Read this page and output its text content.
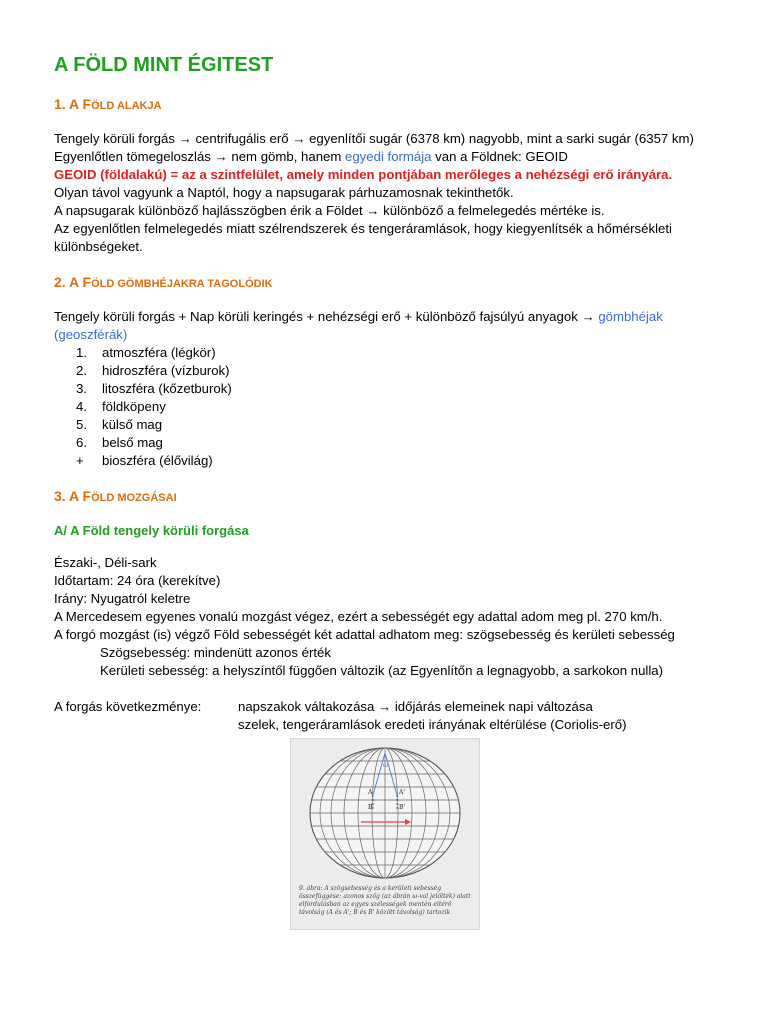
A FÖLD MINT ÉGITEST
1. A FÖLD ALAKJA

Tengely körüli forgás → centrifugális erő → egyenlítői sugár (6378 km) nagyobb, mint a sarki sugár (6357 km)

Egyenlőtlen tömegeloszlás → nem gömb, hanem egyedi formája van a Földnek: GEOID

GEOID (földalakú) = az a szintfelület, amely minden pontjában merőleges a nehézségi erő irányára.

Olyan távol vagyunk a Naptól, hogy a napsugarak párhuzamosnak tekinthetők.

A napsugarak különböző hajlásszögben érik a Földet → különböző a felmelegedés mértéke is.

Az egyenlőtlen felmelegedés miatt szélrendszerek és tengeráramlások, hogy kiegyenlítsék a hőmérsékleti különbségeket.

2. A FÖLD GÖMBHÉJAKRA TAGOLÓDIK

Tengely körüli forgás + Nap körüli keringés + nehézségi erő + különböző fajsúlyú anyagok → gömbhéjak (geoszférák)

1.	atmoszféra (légkör)
2.	hidroszféra (vízburok)
3.	litoszféra (kőzetburok)
4.	földköpeny
5.	külső mag
6.	belső mag
+	bioszféra (élővilág)
3. A FÖLD MOZGÁSAI
A/ A Föld tengely körüli forgása

Északi-, Déli-sark

Időtartam: 24 óra (kerekítve)

Irány: Nyugatról keletre

A Mercedesem egyenes vonalú mozgást végez, ezért a sebességét egy adattal adom meg pl. 270 km/h.

A forgó mozgást (is) végző Föld sebességét két adattal adhatom meg: szögsebesség és kerületi sebesség

Szögsebesség: mindenütt azonos érték

Kerületi sebesség: a helyszíntől függően változik (az Egyenlítőn a legnagyobb, a sarkokon nulla)

A forgás következménye:	napszakok váltakozása → időjárás elemeinek napi változása

szelek, tengeráramlások eredeti irányának eltérülése (Coriolis-erő)

ω
A	A'
B	B'
9. ábra: A szögsebesség és a kerületi sebesség összefüggése: azonos szög (az ábrán ω-val jelölték) alatt elfordulásban az egyes szélességek mentén eltérő távolság (A és A'; B és B' között távolság) tartozik
